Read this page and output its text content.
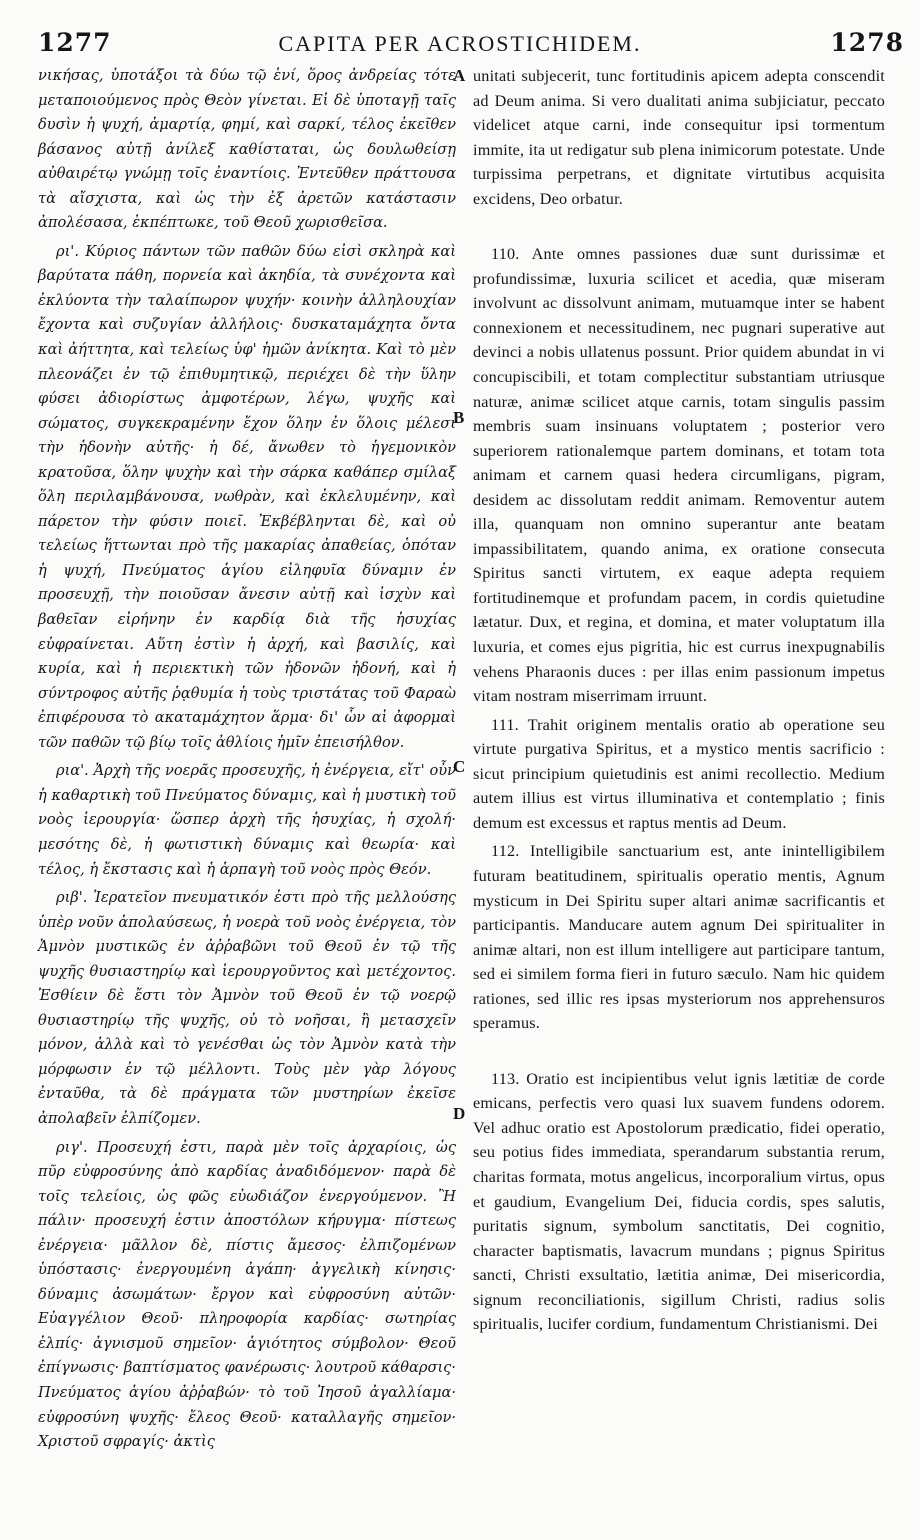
1277	CAPITA PER ACROSTICHIDEM.	1278

νικήσας, ὑποτάξοι τὰ δύω τῷ ἑνί, ὅρος ἀνδρείας τότε μεταποιούμενος πρὸς Θεὸν γίνεται. Εἰ δὲ ὑποταγῇ ταῖς δυσὶν ἡ ψυχή, ἁμαρτίᾳ, φημί, καὶ σαρκί, τέλος ἐκεῖθεν βάσανος αὐτῇ ἀνίλεξ καθίσταται, ὡς δουλωθείσῃ αὐθαιρέτῳ γνώμῃ τοῖς ἐναντίοις. Ἐντεῦθεν πράττουσα τὰ αἴσχιστα, καὶ ὡς τὴν ἐξ ἀρετῶν κατάστασιν ἀπολέσασα, ἐκπέπτωκε, τοῦ Θεοῦ χωρισθεῖσα.

ρι'. Κύριος πάντων τῶν παθῶν δύω εἰσὶ σκληρὰ καὶ βαρύτατα πάθη, πορνεία καὶ ἀκηδία, τὰ συνέχοντα καὶ ἐκλύοντα τὴν ταλαίπωρον ψυχήν· κοινὴν ἀλληλουχίαν ἔχοντα καὶ συζυγίαν ἀλλήλοις· δυσκαταμάχητα ὄντα καὶ ἀήττητα, καὶ τελείως ὑφ' ἡμῶν ἀνίκητα. Καὶ τὸ μὲν πλεονάζει ἐν τῷ ἐπιθυμητικῷ, περιέχει δὲ τὴν ὕλην φύσει ἀδιορίστως ἀμφοτέρων, λέγω, ψυχῆς καὶ σώματος, συγκεκραμένην ἔχον ὅλην ἐν ὅλοις μέλεσι τὴν ἡδονὴν αὐτῆς· ἡ δέ, ἄνωθεν τὸ ἡγεμονικὸν κρατοῦσα, ὅλην ψυχὴν καὶ τὴν σάρκα καθάπερ σμίλαξ ὅλη περιλαμβάνουσα, νωθρὰν, καὶ ἐκλελυμένην, καὶ πάρετον τὴν φύσιν ποιεῖ. Ἐκβέβληνται δὲ, καὶ οὐ τελείως ἥττωνται πρὸ τῆς μακαρίας ἀπαθείας, ὁπόταν ἡ ψυχή, Πνεύματος ἁγίου εἰληφυῖα δύναμιν ἐν προσευχῇ, τὴν ποιοῦσαν ἄνεσιν αὐτῇ καὶ ἰσχὺν καὶ βαθεῖαν εἰρήνην ἐν καρδίᾳ διὰ τῆς ἡσυχίας εὐφραίνεται. Αὕτη ἐστὶν ἡ ἀρχή, καὶ βασιλίς, καὶ κυρία, καὶ ἡ περιεκτικὴ τῶν ἡδονῶν ἡδονή, καὶ ἡ σύντροφος αὐτῆς ῥᾳθυμία ἡ τοὺς τριστάτας τοῦ Φαραὼ ἐπιφέρουσα τὸ ακαταμάχητον ἅρμα· δι' ὧν αἱ ἀφορμαὶ τῶν παθῶν τῷ βίῳ τοῖς ἀθλίοις ἡμῖν ἐπεισήλθον.

ρια'. Ἀρχὴ τῆς νοερᾶς προσευχῆς, ἡ ἐνέργεια, εἴτ' οὖν ἡ καθαρτικὴ τοῦ Πνεύματος δύναμις, καὶ ἡ μυστικὴ τοῦ νοὸς ἱερουργία· ὥσπερ ἀρχὴ τῆς ἡσυχίας, ἡ σχολή· μεσότης δὲ, ἡ φωτιστικὴ δύναμις καὶ θεωρία· καὶ τέλος, ἡ ἔκστασις καὶ ἡ ἁρπαγὴ τοῦ νοὸς πρὸς Θεόν.

ριβ'. Ἱερατεῖον πνευματικόν ἐστι πρὸ τῆς μελλούσης ὑπὲρ νοῦν ἀπολαύσεως, ἡ νοερὰ τοῦ νοὸς ἐνέργεια, τὸν Ἀμνὸν μυστικῶς ἐν ἀῤῥαβῶνι τοῦ Θεοῦ ἐν τῷ τῆς ψυχῆς θυσιαστηρίῳ καὶ ἱερουργοῦντος καὶ μετέχοντος. Ἐσθίειν δὲ ἔστι τὸν Ἀμνὸν τοῦ Θεοῦ ἐν τῷ νοερῷ θυσιαστηρίῳ τῆς ψυχῆς, οὐ τὸ νοῆσαι, ἢ μετασχεῖν μόνον, ἀλλὰ καὶ τὸ γενέσθαι ὡς τὸν Ἀμνὸν κατὰ τὴν μόρφωσιν ἐν τῷ μέλλοντι. Τοὺς μὲν γὰρ λόγους ἐνταῦθα, τὰ δὲ πράγματα τῶν μυστηρίων ἐκεῖσε ἀπολαβεῖν ἐλπίζομεν.

ριγ'. Προσευχή ἐστι, παρὰ μὲν τοῖς ἀρχαρίοις, ὡς πῦρ εὐφροσύνης ἀπὸ καρδίας ἀναδιδόμενον· παρὰ δὲ τοῖς τελείοις, ὡς φῶς εὐωδιάζον ἐνεργούμενον. Ἢ πάλιν· προσευχή ἐστιν ἀποστόλων κήρυγμα· πίστεως ἐνέργεια· μᾶλλον δὲ, πίστις ἄμεσος· ἐλπιζομένων ὑπόστασις· ἐνεργουμένη ἀγάπη· ἀγγελικὴ κίνησις· δύναμις ἀσωμάτων· ἔργον καὶ εὐφροσύνη αὐτῶν· Εὐαγγέλιον Θεοῦ· πληροφορία καρδίας· σωτηρίας ἐλπίς· ἁγνισμοῦ σημεῖον· ἁγιότητος σύμβολον· Θεοῦ ἐπίγνωσις· βαπτίσματος φανέρωσις· λουτροῦ κάθαρσις· Πνεύματος ἁγίου ἀῤῥαβών· τὸ τοῦ Ἰησοῦ ἀγαλλίαμα· εὐφροσύνη ψυχῆς· ἔλεος Θεοῦ· καταλλαγῆς σημεῖον· Χριστοῦ σφραγίς· ἀκτὶς

unitati subjecerit, tunc fortitudinis apicem adepta conscendit ad Deum anima. Si vero dualitati anima subjiciatur, peccato videlicet atque carni, inde consequitur ipsi tormentum immite, ita ut redigatur sub plena inimicorum potestate. Unde turpissima perpetrans, et dignitate virtutibus acquisita excidens, Deo orbatur.

110. Ante omnes passiones duæ sunt durissimæ et profundissimæ, luxuria scilicet et acedia, quæ miseram involvunt ac dissolvunt animam, mutuamque inter se habent connexionem et necessitudinem, nec pugnari superative aut devinci a nobis ullatenus possunt. Prior quidem abundat in vi concupiscibili, et totam complectitur substantiam utriusque naturæ, animæ scilicet atque carnis, totam singulis passim membris suam insinuans voluptatem ; posterior vero superiorem rationalemque partem dominans, et totam tota animam et carnem quasi hedera circumligans, pigram, desidem ac dissolutam reddit animam. Removentur autem illa, quanquam non omnino superantur ante beatam impassibilitatem, quando anima, ex oratione consecuta Spiritus sancti virtutem, ex eaque adepta requiem fortitudinemque et profundam pacem, in cordis quietudine lætatur. Dux, et regina, et domina, et mater voluptatum illa luxuria, et comes ejus pigritia, hic est currus inexpugnabilis vehens Pharaonis duces : per illas enim passionum impetus vitam nostram miserrimam irruunt.

111. Trahit originem mentalis oratio ab operatione seu virtute purgativa Spiritus, et a mystico mentis sacrificio : sicut principium quietudinis est animi recollectio. Medium autem illius est virtus illuminativa et contemplatio ; finis demum est excessus et raptus mentis ad Deum.

112. Intelligibile sanctuarium est, ante inintelligibilem futuram beatitudinem, spiritualis operatio mentis, Agnum mysticum in Dei Spiritu super altari animæ sacrificantis et participantis. Manducare autem agnum Dei spiritualiter in animæ altari, non est illum intelligere aut participare tantum, sed ei similem forma fieri in futuro sæculo. Nam hic quidem rationes, sed illic res ipsas mysteriorum nos apprehensuros speramus.

113. Oratio est incipientibus velut ignis lætitiæ de corde emicans, perfectis vero quasi lux suavem fundens odorem. Vel adhuc oratio est Apostolorum prædicatio, fidei operatio, seu potius fides immediata, sperandarum substantia rerum, charitas formata, motus angelicus, incorporalium virtus, opus et gaudium, Evangelium Dei, fiducia cordis, spes salutis, puritatis signum, symbolum sanctitatis, Dei cognitio, character baptismatis, lavacrum mundans ; pignus Spiritus sancti, Christi exsultatio, lætitia animæ, Dei misericordia, signum reconciliationis, sigillum Christi, radius solis spiritualis, lucifer cordium, fundamentum Christianismi. Dei

A
B
C
D
